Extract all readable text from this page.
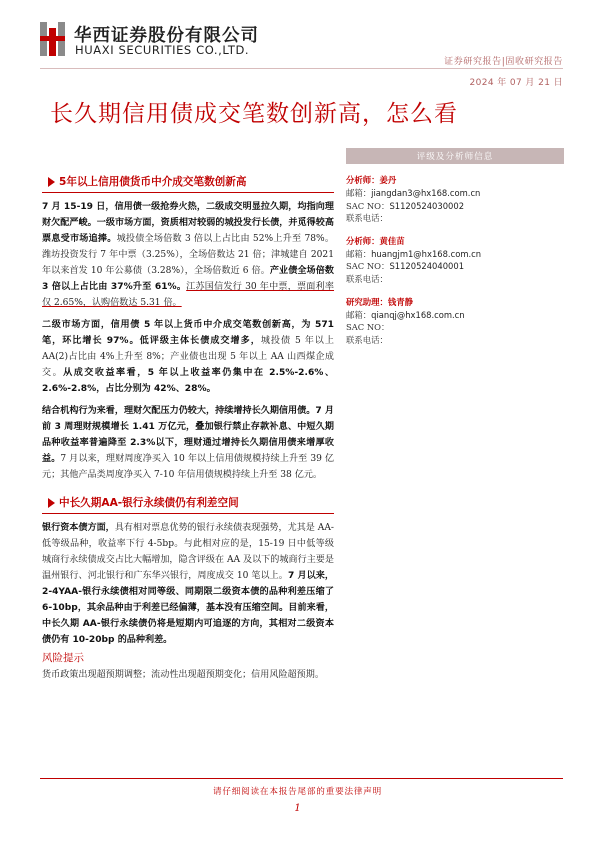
华西证券股份有限公司
HUAXI SECURITIES CO.,LTD.
证券研究报告|固收研究报告
2024 年 07 月 21 日
长久期信用债成交笔数创新高，怎么看
5年以上信用债货币中介成交笔数创新高

7 月 15-19 日，信用债一级抢券火热，二级成交明显拉久期，均指向理财欠配严峻。一级市场方面，资质相对较弱的城投发行长债，并觅得较高票息受市场追捧。城投债全场倍数 3 倍以上占比由 52%上升至 78%。潍坊投资发行 7 年中票（3.25%），全场倍数达 21 倍；津城建自 2021 年以来首发 10 年公募债（3.28%），全场倍数近 6 倍。产业债全场倍数 3 倍以上占比由 37%升至 61%。江苏国信发行 30 年中票，票面利率仅 2.65%，认购倍数达 5.31 倍。

二级市场方面，信用债 5 年以上货币中介成交笔数创新高，为 571 笔，环比增长 97%。低评级主体长债成交增多，城投债 5 年以上 AA(2)占比由 4%上升至 8%；产业债也出现 5 年以上 AA 山西煤企成交。从成交收益率看，5 年以上收益率仍集中在 2.5%-2.6%、2.6%-2.8%，占比分别为 42%、28%。

结合机构行为来看，理财欠配压力仍较大，持续增持长久期信用债。7 月前 3 周理财规模增长 1.41 万亿元，叠加银行禁止存款补息、中短久期品种收益率普遍降至 2.3%以下，理财通过增持长久期信用债来增厚收益。7 月以来，理财周度净买入 10 年以上信用债规模持续上升至 39 亿元；其他产品类周度净买入 7-10 年信用债规模持续上升至 38 亿元。

中长久期AA-银行永续债仍有利差空间

银行资本债方面，具有相对票息优势的银行永续债表现强势，尤其是 AA-低等级品种，收益率下行 4-5bp。与此相对应的是，15-19 日中低等级城商行永续债成交占比大幅增加，隐含评级在 AA 及以下的城商行主要是温州银行、河北银行和广东华兴银行，周度成交 10 笔以上。7 月以来，2-4YAA-银行永续债相对同等级、同期限二级资本债的品种利差压缩了 6-10bp，其余品种由于利差已经偏薄，基本没有压缩空间。目前来看，中长久期 AA-银行永续债仍将是短期内可追逐的方向，其相对二级资本债仍有 10-20bp 的品种利差。

风险提示
货币政策出现超预期调整；流动性出现超预期变化；信用风险超预期。
评级及分析师信息
分析师：姜丹
邮箱：jiangdan3@hx168.com.cn
SAC NO：S1120524030002
联系电话：
分析师：黄佳苗
邮箱：huangjm1@hx168.com.cn
SAC NO：S1120524040001
联系电话：
研究助理：钱青静
邮箱：qianqj@hx168.com.cn
SAC NO：
联系电话：
请仔细阅读在本报告尾部的重要法律声明
1
